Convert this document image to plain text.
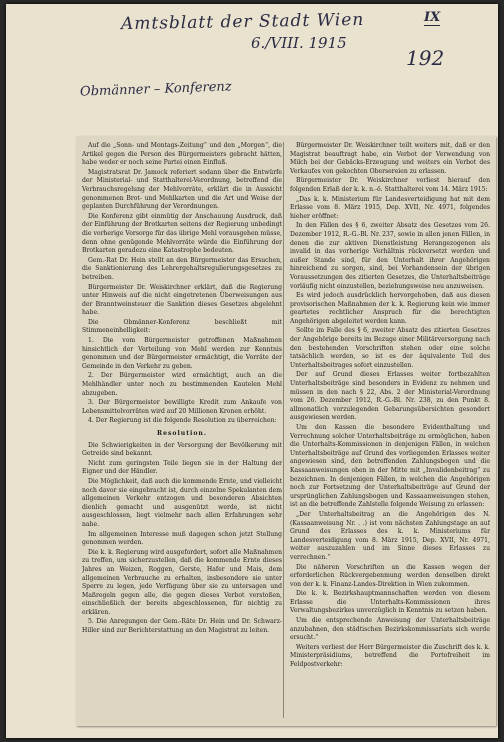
Amtsblatt der Stadt Wien	IX
6./VIII. 1915
192
Obmänner – Konferenz

Auf die „Sonn- und Montags-Zeitung“ und den „Morgen“, die Artikel gegen die Person des Bürgermeisters gebracht hätten, habe weder er noch seine Partei einen Einfluß.

Magistratsrat Dr. Jamock referiert sodann über die Entwürfe der Ministerial- und Statthalterei-Verordnung, betreffend die Verbrauchsregelung der Mehlvorräte, erklärt die in Aussicht genommenen Brot- und Mehlkarten und die Art und Weise der geplanten Durchführung der Verordnungen.

Die Konferenz gibt einmütig der Anschauung Ausdruck, daß der Einführung der Brotkarten seitens der Regierung unbedingt die vorherige Vorsorge für das übrige Mehl vorausgehen müsse, denn ohne genügende Mehlvorräte würde die Einführung der Brotkarten geradezu eine Katastrophe bedeuten.

Gem.-Rat Dr. Hein stellt an den Bürgermeister das Ersuchen, die Sanktionierung des Lehrergehaltsregulierungsgesetzes zu betreiben.

Bürgermeister Dr. Weiskirchner erklärt, daß die Regierung unter Hinweis auf die nicht eingetretenen Überweisungen aus der Branntweinsteuer die Sanktion dieses Gesetzes abgelehnt habe.

Die Obmänner-Konferenz beschließt mit Stimmeneinhelligkeit:

1. Die vom Bürgermeister getroffenen Maßnahmen hinsichtlich der Verteilung von Mehl werden zur Kenntnis genommen und der Bürgermeister ermächtigt, die Vorräte der Gemeinde in den Verkehr zu geben.

2. Der Bürgermeister wird ermächtigt, auch an die Mehlhändler unter noch zu bestimmenden Kautelen Mehl abzugeben.

3. Der Bürgermeister bewilligte Kredit zum Ankaufe von Lebensmittelvorräten wird auf 20 Millionen Kronen erhöht.

4. Der Regierung ist die folgende Resolution zu überreichen:

Resolution.

Die Schwierigkeiten in der Versorgung der Bevölkerung mit Getreide sind bekannt.

Nicht zum geringsten Teile liegen sie in der Haltung der Eigner und der Händler.

Die Möglichkeit, daß auch die kommende Ernte, und vielleicht noch davor sie eingebracht ist, durch einzelne Spekulanten dem allgemeinen Verkehr entzogen und besonderen Absichten dienlich gemacht und ausgenützt werde, ist nicht ausgeschlossen, liegt vielmehr nach allen Erfahrungen sehr nahe.

Im allgemeinen Interesse muß dagegen schon jetzt Stellung genommen werden.

Die k. k. Regierung wird ausgefordert, sofort alle Maßnahmen zu treffen, um sicherzustellen, daß die kommende Ernte dieses Jahres an Weizen, Roggen, Gerste, Hafer und Mais, dem allgemeinen Verbrauche zu erhalten, insbesondere sie unter Sperre zu legen, jede Verfügung über sie zu untersagen und Maßregeln gegen alle, die gegen dieses Verbot verstoßen, einschließlich der bereits abgeschlossenen, für nichtig zu erklären.

5. Die Anregungen der Gem.-Räte Dr. Hein und Dr. Schwarz-Hiller sind zur Berichterstattung an den Magistrat zu leiten.

Bürgermeister Dr. Weiskirchner teilt weiters mit, daß er den Magistrat beauftragt habe, ein Verbot der Verwendung von Milch bei der Gebäcks-Erzeugung und weiters ein Verbot des Verkaufes von gekochten Obersereien zu erlassen.

Bürgermeister Dr. Weiskirchner verliest hierauf den folgenden Erlaß der k. k. n.-ö. Statthalterei vom 14. März 1915:

„Das k. k. Ministerium für Landesverteidigung hat mit dem Erlasse vom 8. März 1915, Dep. XVII, Nr. 4971, folgendes hieher eröffnet:

In den Fällen des § 6, zweiter Absatz des Gesetzes vom 26. Dezember 1912, R.-G.-Bl. Nr. 237, sowie in allen jenen Fällen, in denen die zur aktiven Dienstleistung Herangezogenen als invalid in das vorherige Verhältnis rückversetzt werden und außer Stande sind, für den Unterhalt ihrer Angehörigen hinreichend zu sorgen, sind, bei Vorhandensein der übrigen Voraussetzungen des zitierten Gesetzes, die Unterhaltsbeiträge vorläufig nicht einzustellen, beziehungsweise neu anzuweisen.

Es wird jedoch ausdrücklich hervorgehoben, daß aus diesen provisorischen Maßnahmen der k. k. Regierung kein wie immer geartetes rechtlicher Anspruch für die berechtigten Angehörigen abgeleitet werden kann.

Sollte im Falle des § 6, zweiter Absatz des zitierten Gesetzes der Angehörige bereits im Bezuge einer Militärversorgung nach den bestehenden Vorschriften stehen oder eine solche tatsächlich werden, so ist es der äquivalente Teil des Unterhaltsbeitrages sofort einzustellen.

Der auf Grund dieses Erlasses weiter fortbezahlten Unterhaltsbeiträge sind besonders in Evidenz zu nehmen und müssen in den nach § 22, Abs. 2 der Ministerial-Verordnung vom 26. Dezember 1912, R.-G.-Bl. Nr. 238, zu den Punkt 8. allmonatlich vorzulegenden Gebarungsübersichten gesondert ausgewiesen werden.

Um den Kassen die besondere Evidenthaltung und Verrechnung solcher Unterhaltsbeiträge zu ermöglichen, haben die Unterhalts-Kommissionen in denjenigen Fällen, in welchen Unterhaltsbeiträge auf Grund des vorliegenden Erlasses weiter angewiesen sind, den betreffenden Zahlungsbogen und die Kassaanweisungen oben in der Mitte mit „Invalidenbeitrag“ zu bezeichnen. In denjenigen Fällen, in welchen die Angehörigen noch zur Fortsetzung der Unterhaltsbeiträge auf Grund der ursprünglichen Zahlungsbogen und Kassaanweisungen stehen, ist an die betreffende Zahlstelle folgende Weisung zu erlassen:

„Der Unterhaltsbeitrag an die Angehörigen des N. (Kassaanweisung Nr. . .) ist vom nächsten Zahlungstage an auf Grund des Erlasses des k. k. Ministeriums für Landesverteidigung vom 8. März 1915, Dep. XVII, Nr. 4971, weiter auszuzahlen und im Sinne dieses Erlasses zu verrechnen.“

Die näheren Vorschriften an die Kassen wegen der erforderlichen Rückvergebenmung werden denselben direkt von der k. k. Finanz-Landes-Direktion in Wien zukommen.

Die k. k. Bezirkshauptmannschaften werden von diesem Erlasse die Unterhalts-Kommissionen ihres Verwaltungsbezirkes unverzüglich in Kenntnis zu setzen haben.

Um die entsprechende Anweisung der Unterhaltsbeiträge anzubahnen, den städtischen Bezirkskommissariats sich werde ersucht.“

Weiters verliest der Herr Bürgermeister die Zuschrift des k. k. Ministerpräsidiums, betreffend die Portofreiheit im Feldpostverkehr:
